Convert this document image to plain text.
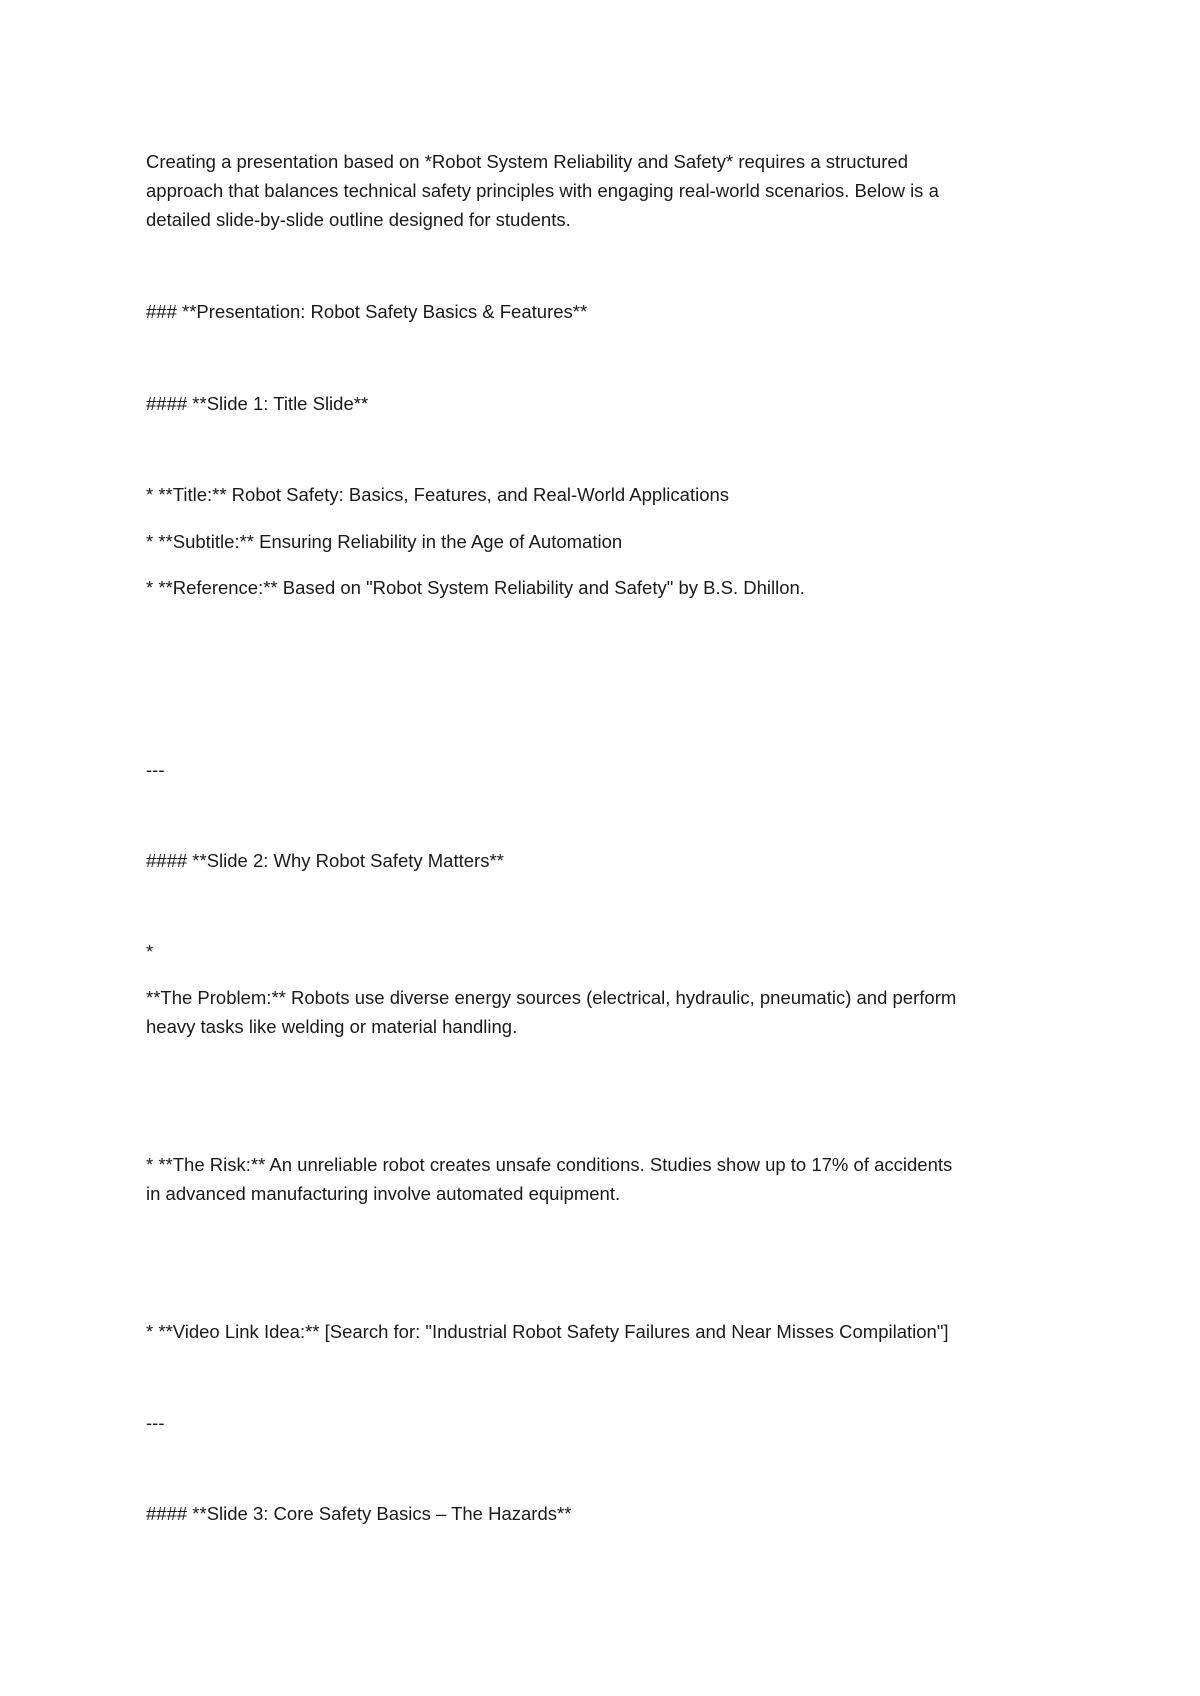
Creating a presentation based on *Robot System Reliability and Safety* requires a structured
approach that balances technical safety principles with engaging real-world scenarios. Below is a
detailed slide-by-slide outline designed for students.
### **Presentation: Robot Safety Basics & Features**
#### **Slide 1: Title Slide**
* **Title:** Robot Safety: Basics, Features, and Real-World Applications
* **Subtitle:** Ensuring Reliability in the Age of Automation
* **Reference:** Based on "Robot System Reliability and Safety" by B.S. Dhillon.
---
#### **Slide 2: Why Robot Safety Matters**
*
**The Problem:** Robots use diverse energy sources (electrical, hydraulic, pneumatic) and perform
heavy tasks like welding or material handling.
* **The Risk:** An unreliable robot creates unsafe conditions. Studies show up to 17% of accidents
in advanced manufacturing involve automated equipment.
* **Video Link Idea:** [Search for: "Industrial Robot Safety Failures and Near Misses Compilation"]
---
#### **Slide 3: Core Safety Basics – The Hazards**
